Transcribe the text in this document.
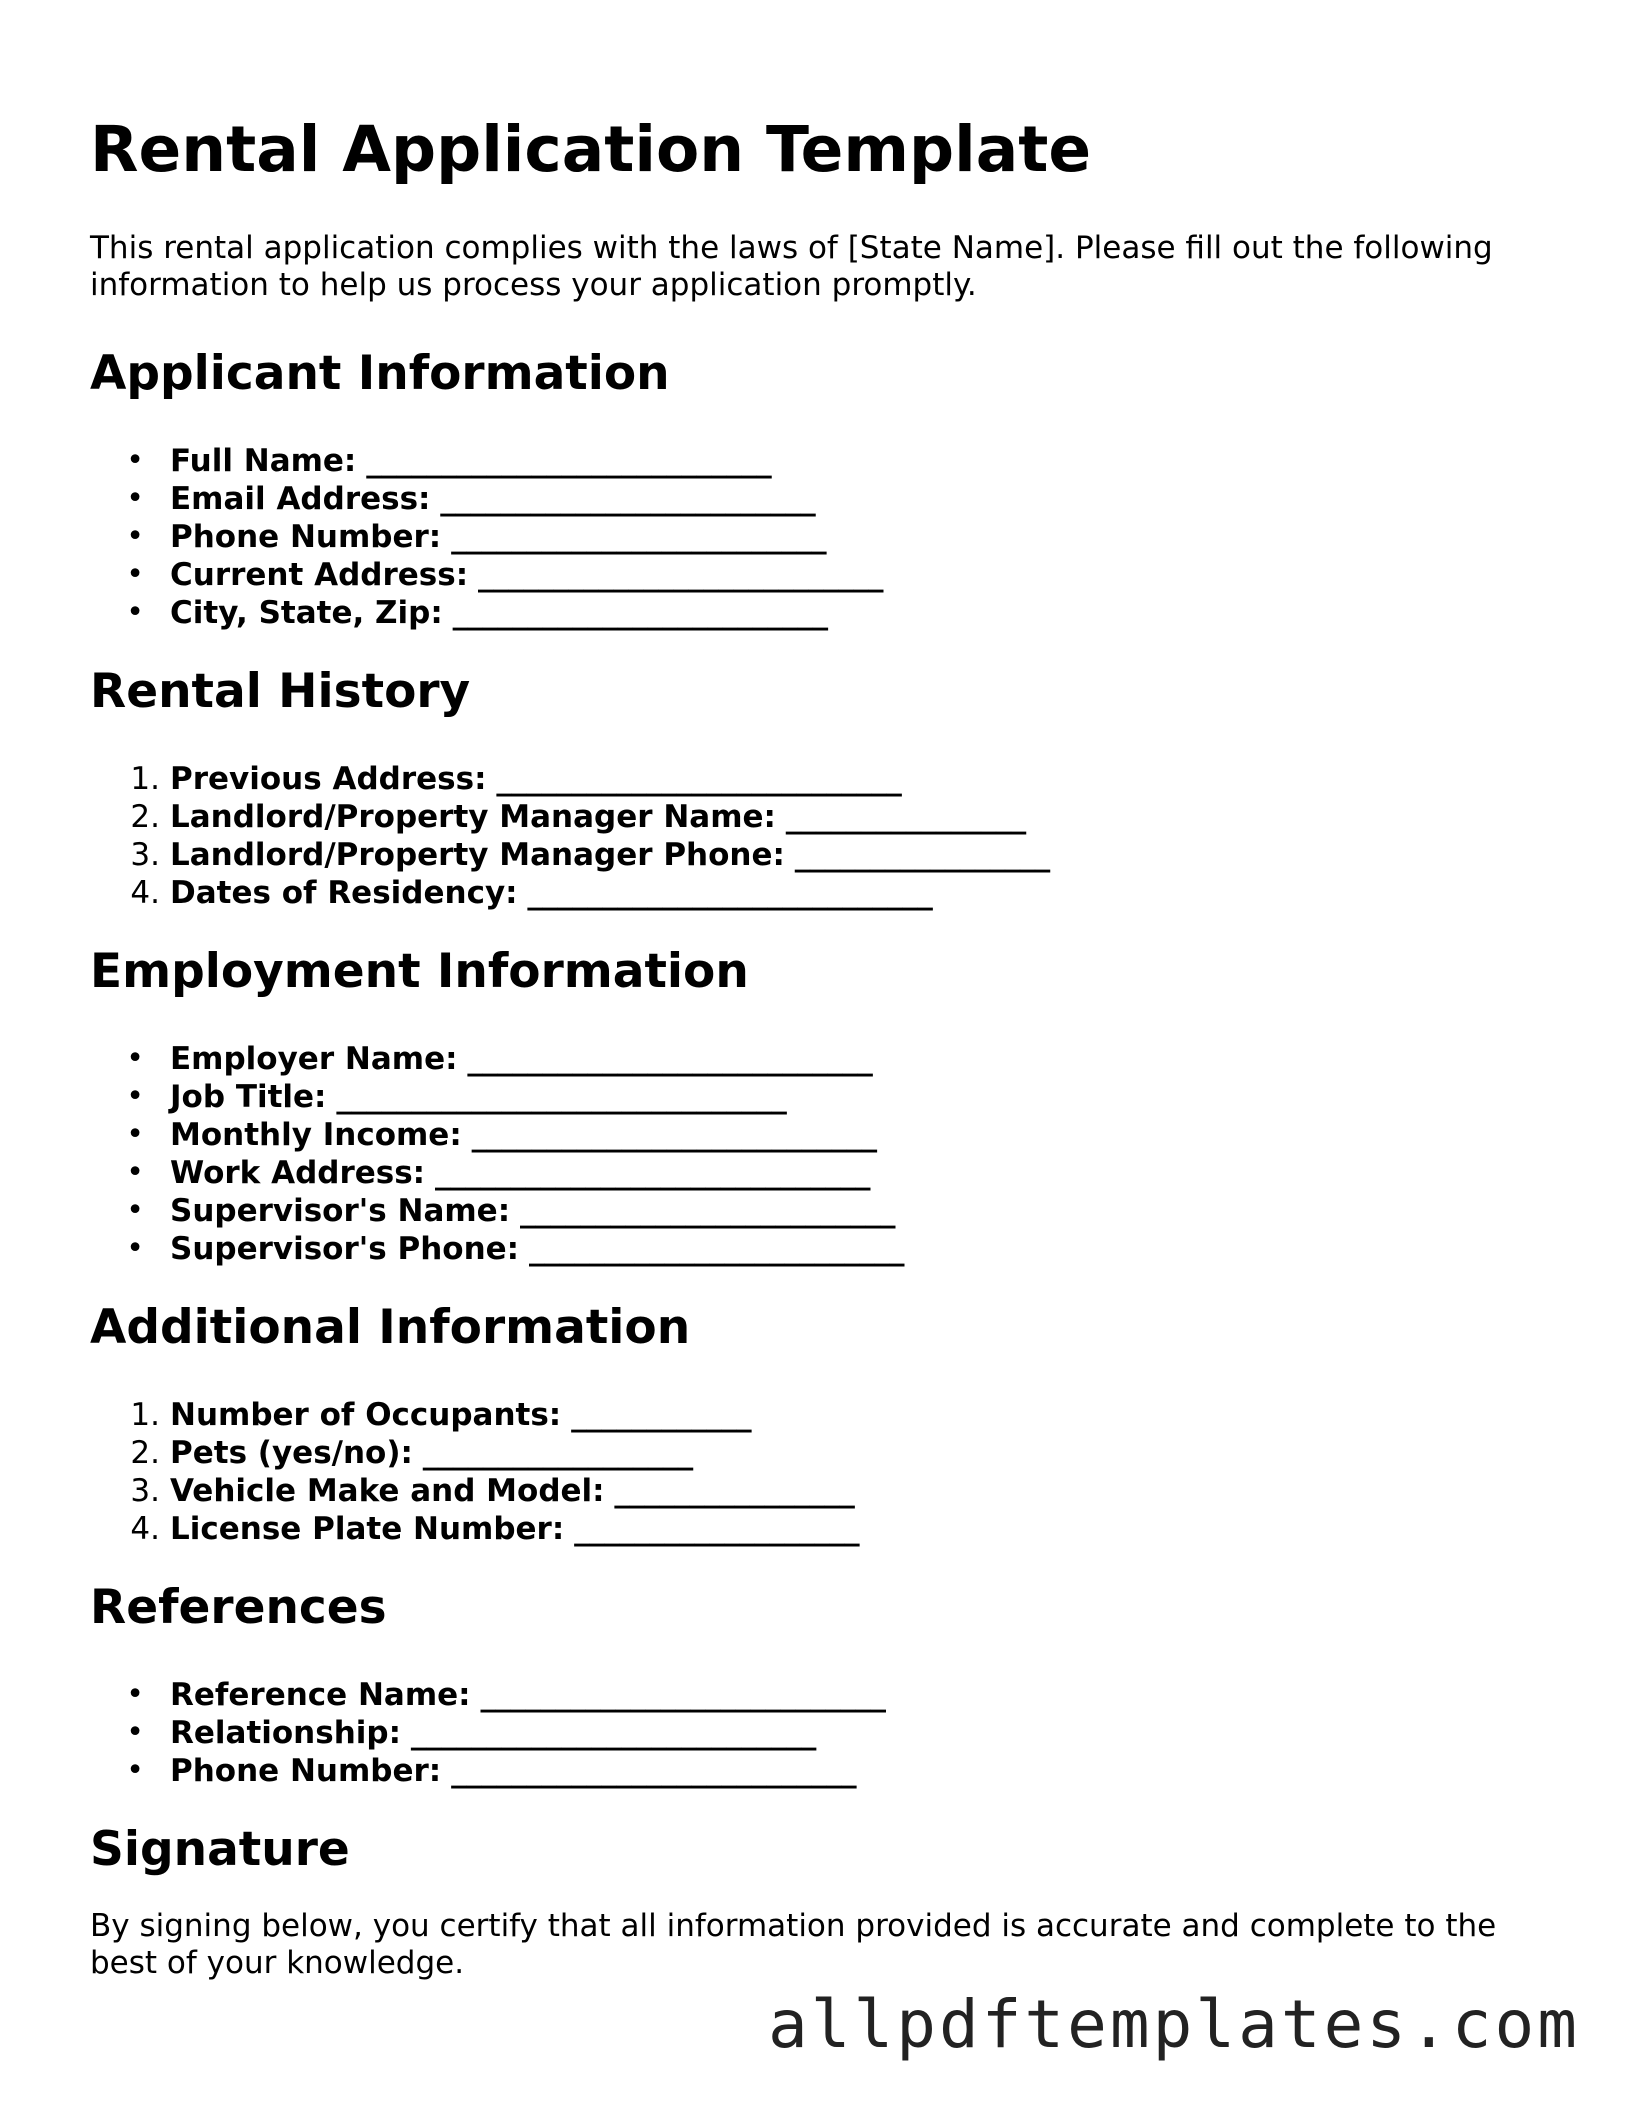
Rental Application Template

This rental application complies with the laws of [State Name]. Please fill out the following information to help us process your application promptly.

Applicant Information
• Full Name: ___________________________
• Email Address: _________________________
• Phone Number: _________________________
• Current Address: ___________________________
• City, State, Zip: _________________________
Rental History
1. Previous Address: ___________________________
2. Landlord/Property Manager Name: ________________
3. Landlord/Property Manager Phone: _________________
4. Dates of Residency: ___________________________
Employment Information
• Employer Name: ___________________________
• Job Title: ______________________________
• Monthly Income: ___________________________
• Work Address: _____________________________
• Supervisor's Name: _________________________
• Supervisor's Phone: _________________________
Additional Information
1. Number of Occupants: ____________
2. Pets (yes/no): __________________
3. Vehicle Make and Model: ________________
4. License Plate Number: ___________________
References
• Reference Name: ___________________________
• Relationship: ___________________________
• Phone Number: ___________________________
Signature

By signing below, you certify that all information provided is accurate and complete to the best of your knowledge.

allpdftemplates.com
